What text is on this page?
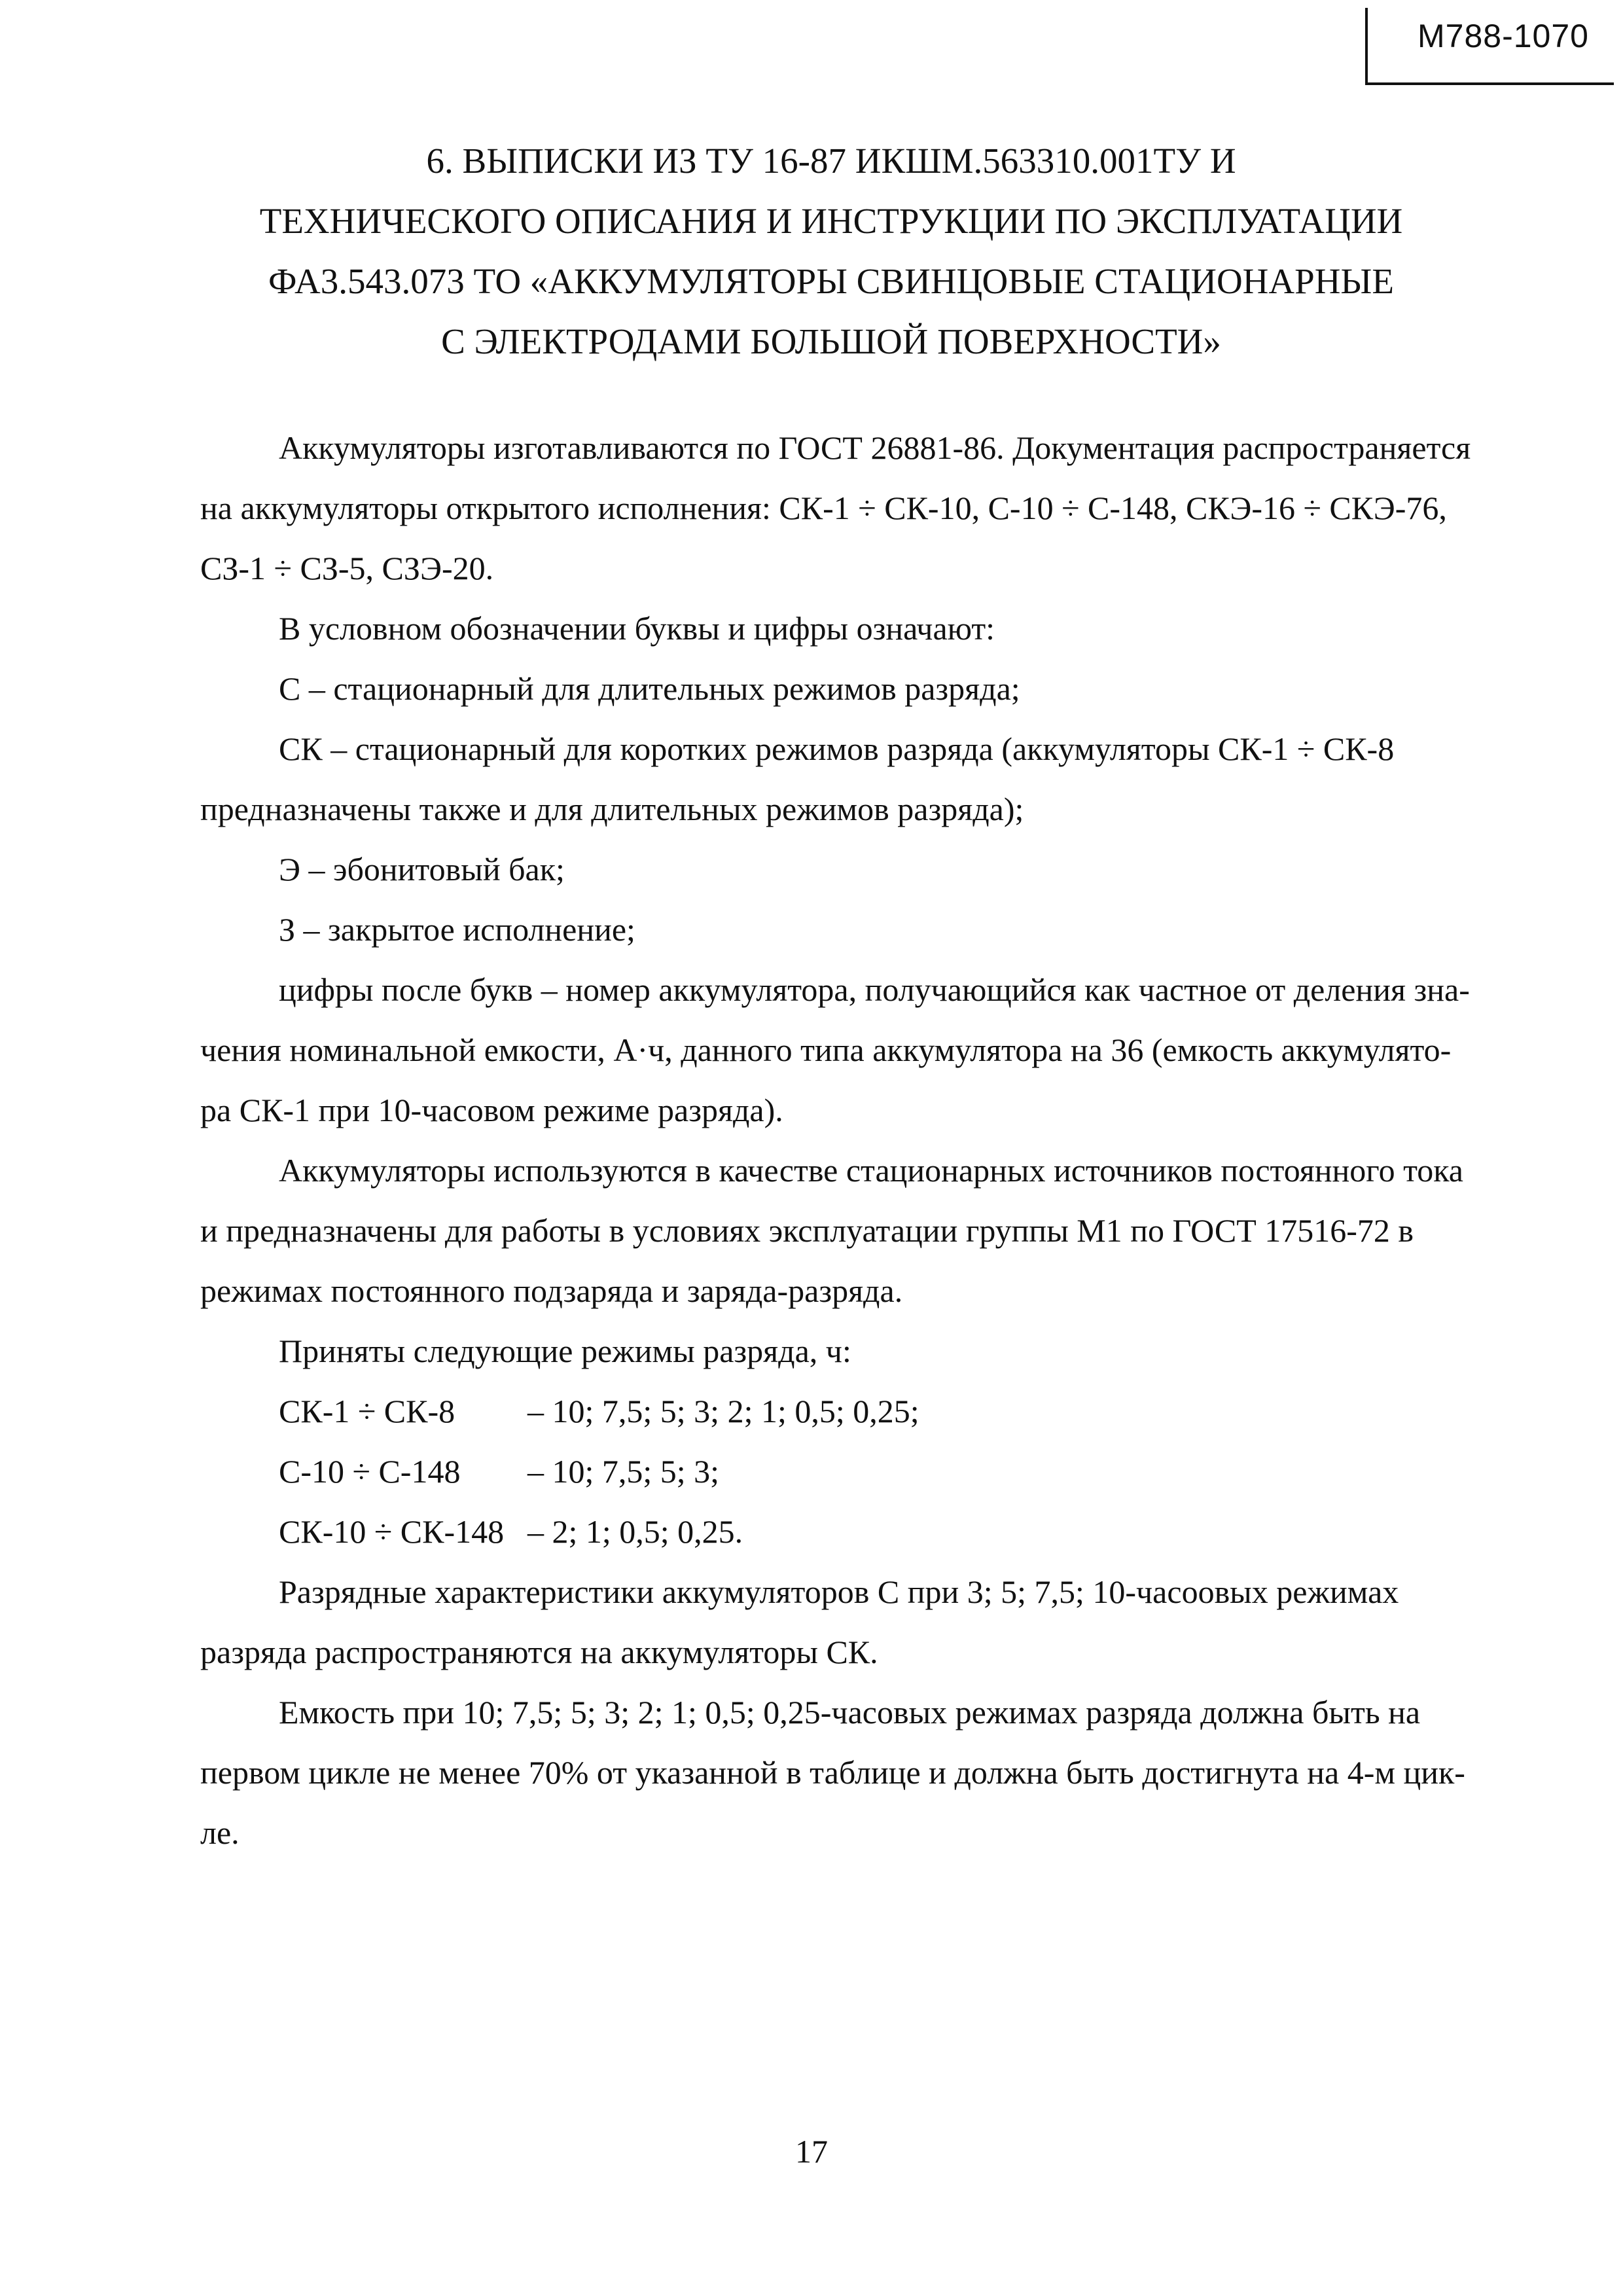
М788-1070
6. ВЫПИСКИ ИЗ ТУ 16-87 ИКШМ.563310.001ТУ И
ТЕХНИЧЕСКОГО ОПИСАНИЯ И ИНСТРУКЦИИ ПО ЭКСПЛУАТАЦИИ
ФА3.543.073 ТО «АККУМУЛЯТОРЫ СВИНЦОВЫЕ СТАЦИОНАРНЫЕ
С ЭЛЕКТРОДАМИ БОЛЬШОЙ ПОВЕРХНОСТИ»
Аккумуляторы изготавливаются по ГОСТ 26881-86. Документация распространяется
на аккумуляторы открытого исполнения: СК-1 ÷ СК-10, С-10 ÷ С-148, СКЭ-16 ÷ СКЭ-76,
СЗ-1 ÷ СЗ-5, СЗЭ-20.
В условном обозначении буквы и цифры означают:
С – стационарный для длительных режимов разряда;
СК – стационарный для коротких режимов разряда (аккумуляторы СК-1 ÷ СК-8
предназначены также и для длительных режимов разряда);
Э – эбонитовый бак;
З – закрытое исполнение;
цифры после букв – номер аккумулятора, получающийся как частное от деления зна-
чения номинальной емкости, А·ч, данного типа аккумулятора на 36 (емкость аккумулято-
ра СК-1 при 10-часовом режиме разряда).
Аккумуляторы используются в качестве стационарных источников постоянного тока
и предназначены для работы в условиях эксплуатации группы М1 по ГОСТ 17516-72 в
режимах постоянного подзаряда и заряда-разряда.
Приняты следующие режимы разряда, ч:
СК-1 ÷ СК-8	– 10; 7,5; 5; 3; 2; 1; 0,5; 0,25;
С-10 ÷ С-148	– 10; 7,5; 5; 3;
СК-10 ÷ СК-148 – 2; 1; 0,5; 0,25.
Разрядные характеристики аккумуляторов С при 3; 5; 7,5; 10-часоовых режимах
разряда распространяются на аккумуляторы СК.
Емкость при 10; 7,5; 5; 3; 2; 1; 0,5; 0,25-часовых режимах разряда должна быть на
первом цикле не менее 70% от указанной в таблице и должна быть достигнута на 4-м цик-
ле.
17
